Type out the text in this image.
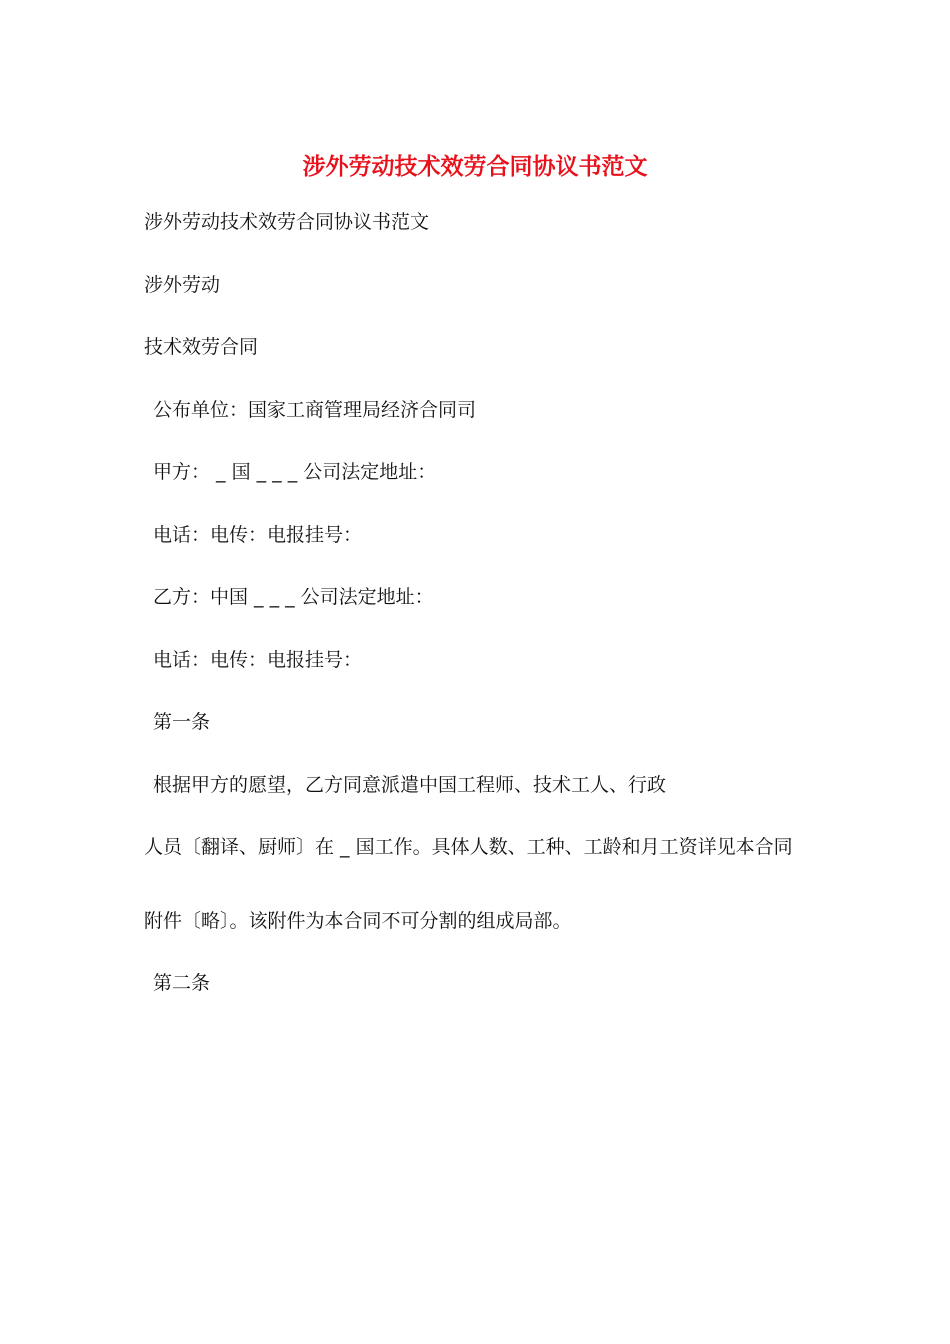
涉外劳动技术效劳合同协议书范文
涉外劳动技术效劳合同协议书范文
涉外劳动
技术效劳合同
公布单位：国家工商管理局经济合同司
甲方： _ 国 _ _ _ 公司法定地址：
电话：电传：电报挂号：
乙方：中国 _ _ _ 公司法定地址：
电话：电传：电报挂号：
第一条
根据甲方的愿望，乙方同意派遣中国工程师、技术工人、行政
人员〔翻译、厨师〕在 _ 国工作。具体人数、工种、工龄和月工资详见本合同
附件〔略〕。该附件为本合同不可分割的组成局部。
第二条
